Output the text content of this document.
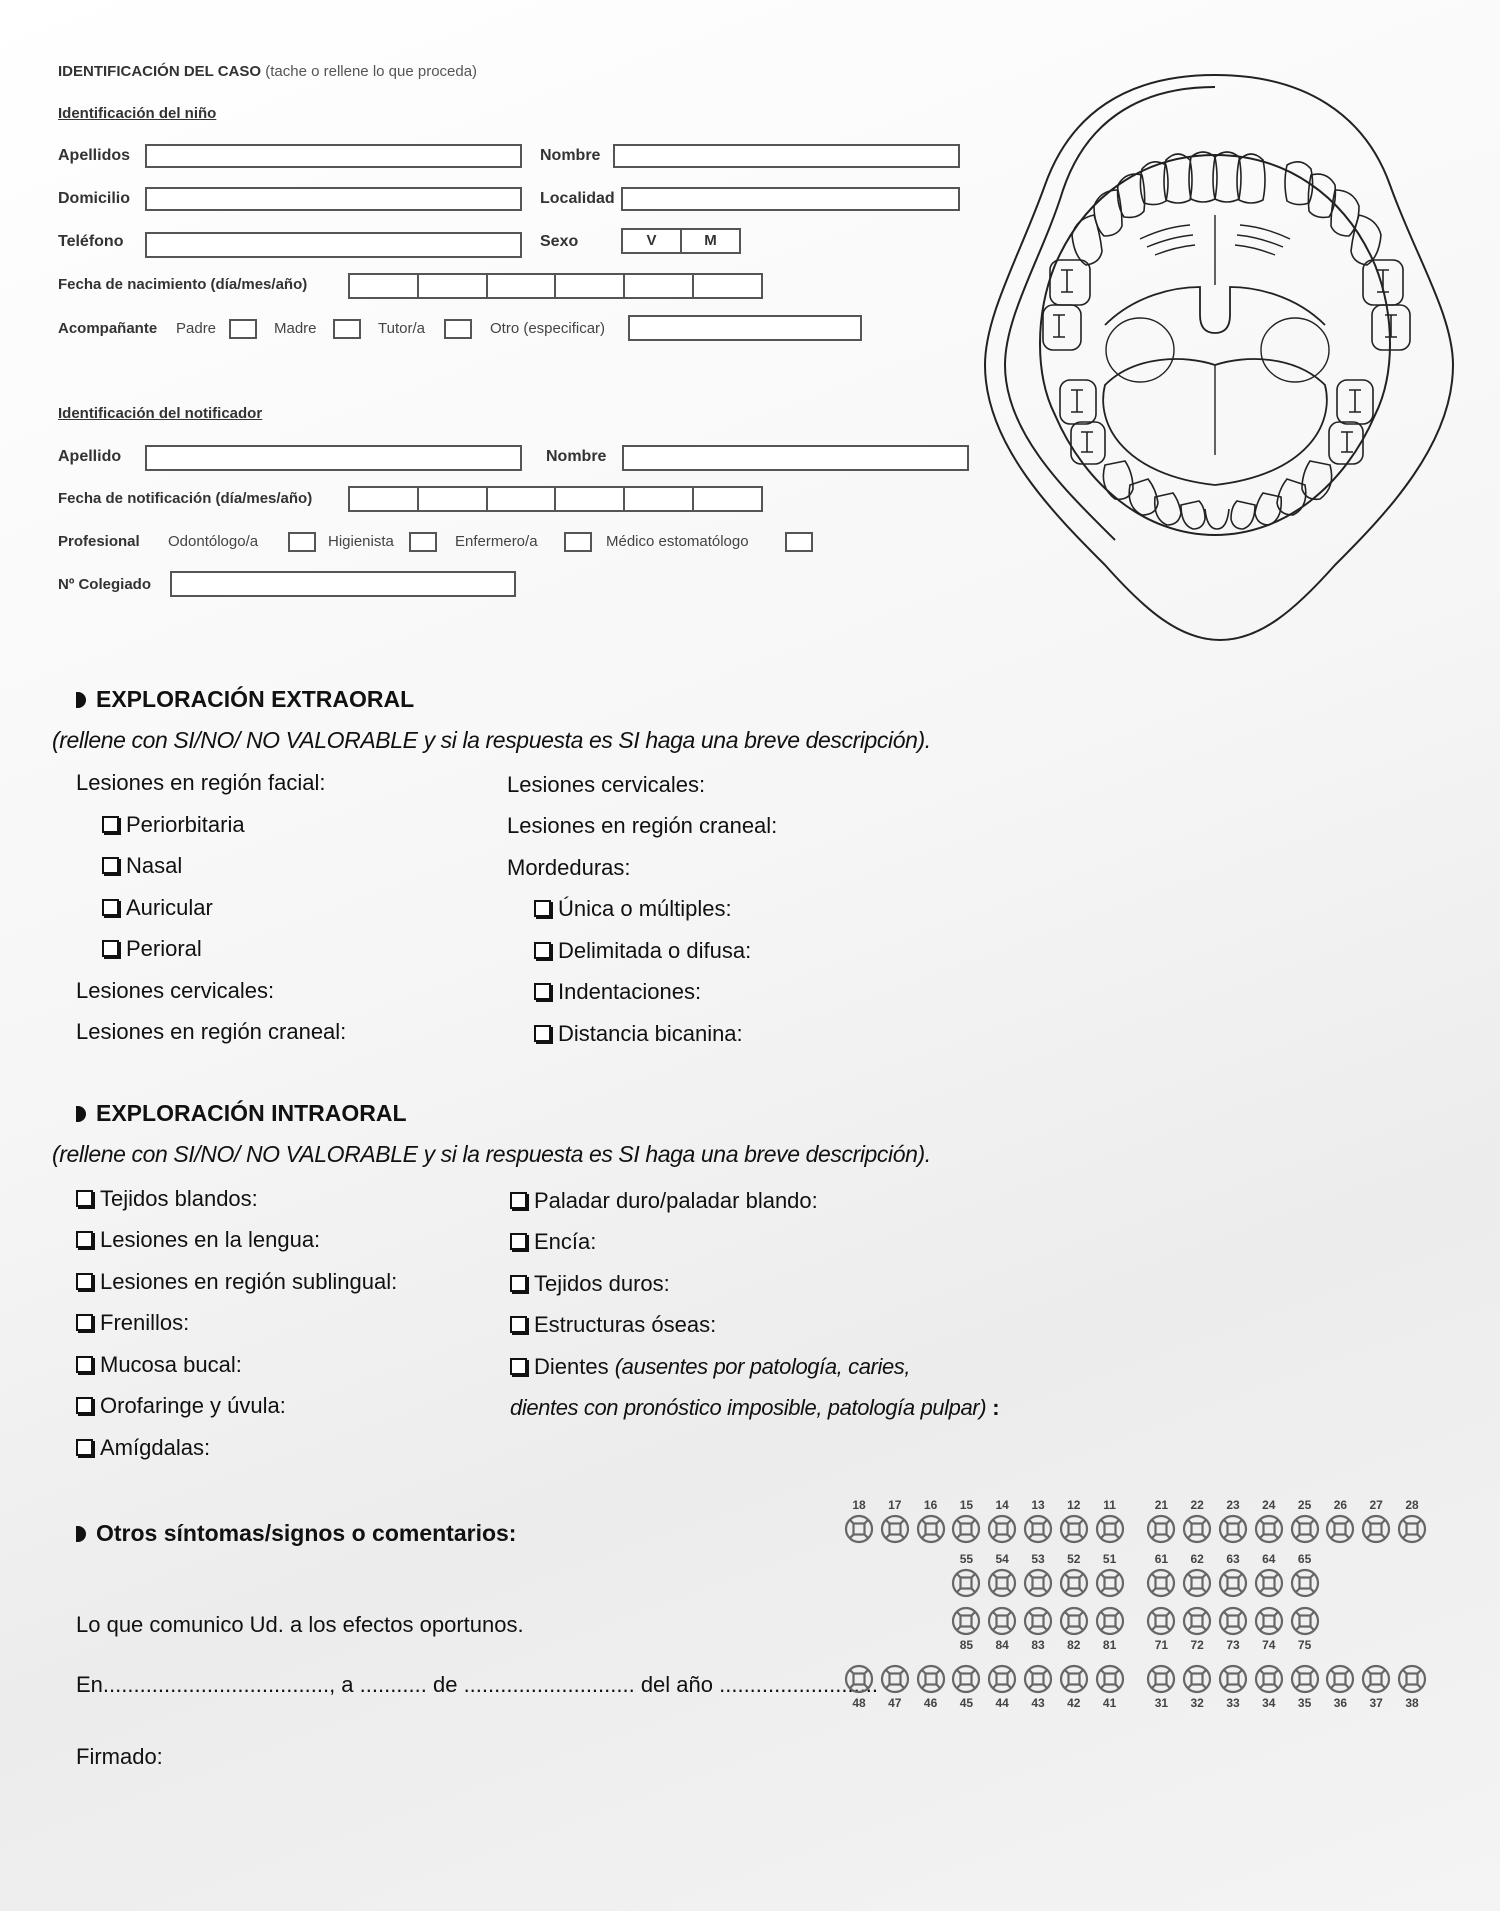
IDENTIFICACIÓN DEL CASO (tache o rellene lo que proceda)
Identificación del niño
Apellidos	Nombre
Domicilio	Localidad
Teléfono	Sexo	V	M
Fecha de nacimiento (día/mes/año)
Acompañante Padre	Madre	Tutor/a	Otro (especificar)
Identificación del notificador
Apellido	Nombre
Fecha de notificación (día/mes/año)
Profesional Odontólogo/a	Higienista	Enfermero/a	Médico estomatólogo
Nº Colegiado
EXPLORACIÓN EXTRAORAL
(rellene con SI/NO/ NO VALORABLE y si la respuesta es SI haga una breve descripción).
Lesiones en región facial:
Periorbitaria
Nasal
Auricular
Perioral
Lesiones cervicales:
Lesiones en región craneal:
Lesiones cervicales:
Lesiones en región craneal:
Mordeduras:
Única o múltiples:
Delimitada o difusa:
Indentaciones:
Distancia bicanina:
EXPLORACIÓN INTRAORAL
(rellene con SI/NO/ NO VALORABLE y si la respuesta es SI haga una breve descripción).
Tejidos blandos:
Lesiones en la lengua:
Lesiones en región sublingual:
Frenillos:
Mucosa bucal:
Orofaringe y úvula:
Amígdalas:
Paladar duro/paladar blando:
Encía:
Tejidos duros:
Estructuras óseas:
Dientes (ausentes por patología, caries,
dientes con pronóstico imposible, patología pulpar) :
Otros síntomas/signos o comentarios:
Lo que comunico Ud. a los efectos oportunos.
En....................................., a ........... de ............................ del año ..........................
Firmado:
18	17	16	15	14	13	12	11	21	22	23	24	25	26	27	28
55	54	53	52	51	61	62	63	64	65
85	84	83	82	81	71	72	73	74	75
48	47	46	45	44	43	42	41	31	32	33	34	35	36	37	38
